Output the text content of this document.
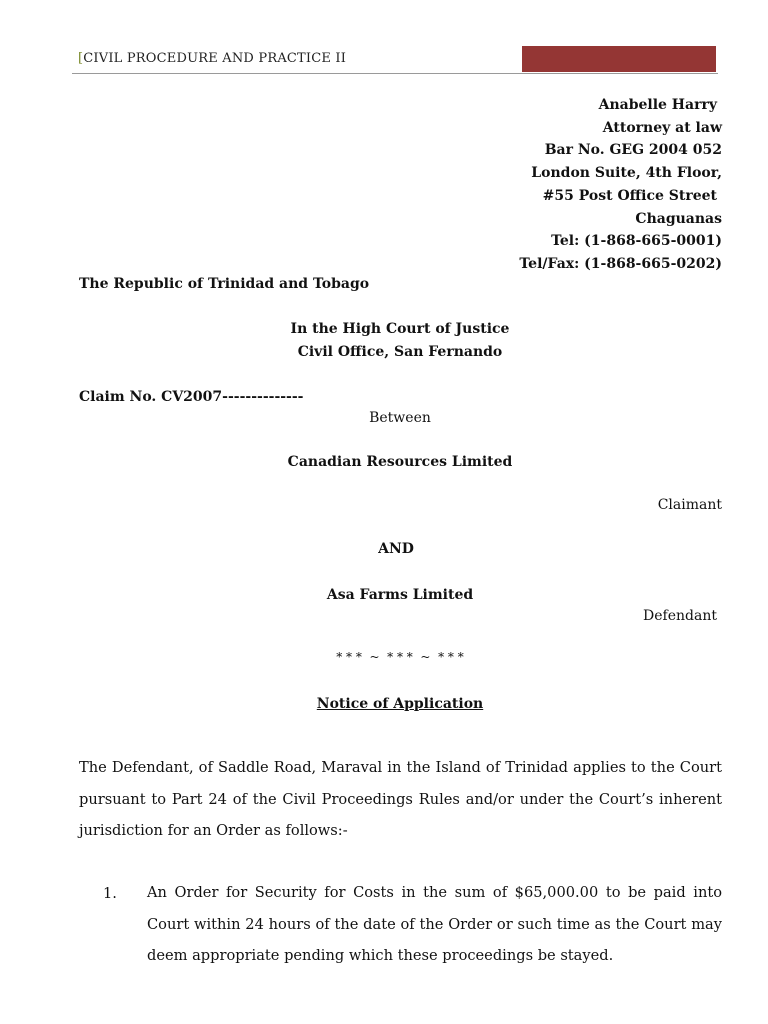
[CIVIL PROCEDURE AND PRACTICE II
Anabelle Harry
Attorney at law
Bar No. GEG 2004 052
London Suite, 4th Floor,
#55 Post Office Street
Chaguanas
Tel: (1-868-665-0001)
Tel/Fax: (1-868-665-0202)
The Republic of Trinidad and Tobago
In the High Court of Justice
Civil Office, San Fernando
Claim No. CV2007--------------
Between
Canadian Resources Limited
Claimant
AND
Asa Farms Limited
Defendant
* * *  ~  * * *  ~  * * *
Notice of Application
The Defendant, of Saddle Road, Maraval in the Island of Trinidad applies to the Court
pursuant to Part 24 of the Civil Proceedings Rules and/or under the Court’s inherent
jurisdiction for an Order as follows:-
1. An Order for Security for Costs in the sum of $65,000.00 to be paid into
Court within 24 hours of the date of the Order or such time as the Court may
deem appropriate pending which these proceedings be stayed.
